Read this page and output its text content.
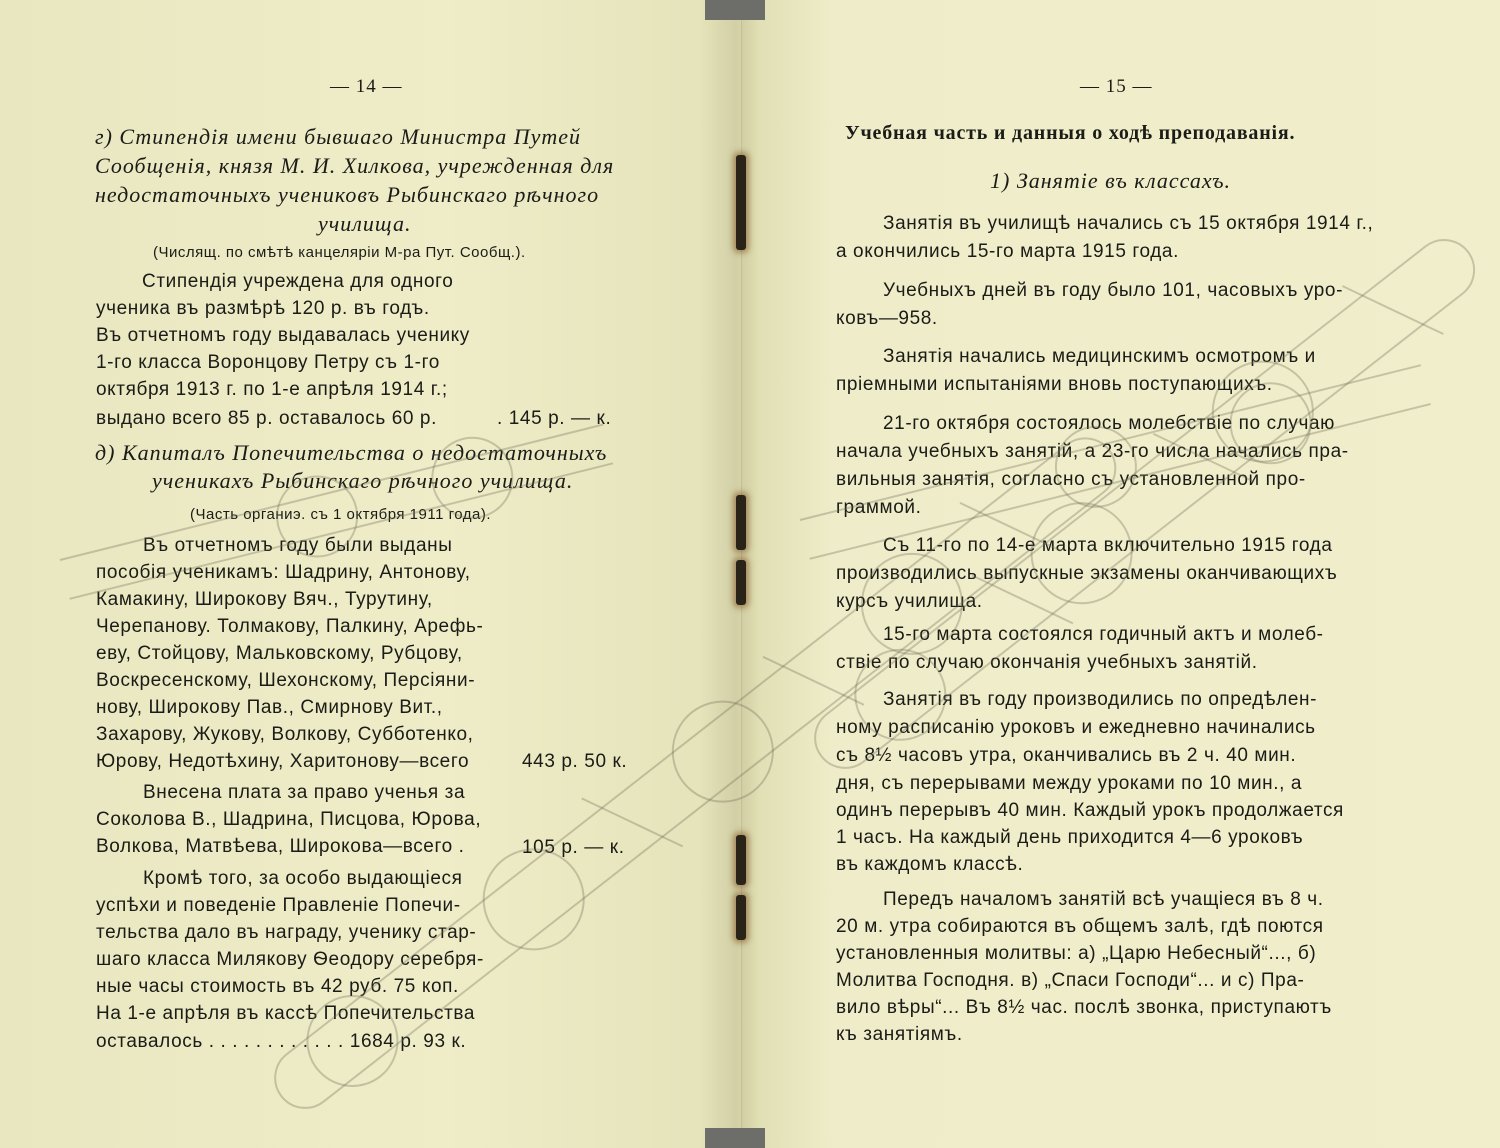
— 14 —
г) Стипендія имени бывшаго Министра Путей
Сообщенія, князя М. И. Хилкова, учрежденная для
недостаточныхъ учениковъ Рыбинскаго рѣчного
училища.
(Числящ. по смѣтѣ канцеляріи М-ра Пут. Сообщ.).
Стипендія учреждена для одного
ученика въ размѣрѣ 120 р. въ годъ.
Въ отчетномъ году выдавалась ученику
1-го класса Воронцову Петру съ 1-го
октября 1913 г. по 1-е апрѣля 1914 г.;
выдано всего 85 р. оставалось 60 р.	. 145 р. — к.
д) Капиталъ Попечительства о недостаточныхъ
ученикахъ Рыбинскаго рѣчного училища.
(Часть органиэ. съ 1 октября 1911 года).
Въ отчетномъ году были выданы
пособія ученикамъ: Шадрину, Антонову,
Камакину, Широкову Вяч., Турутину,
Черепанову. Толмакову, Палкину, Арефь-
еву, Стойцову, Мальковскому, Рубцову,
Воскресенскому, Шехонскому, Персіяни-
нову, Широкову Пав., Смирнову Вит.,
Захарову, Жукову, Волкову, Субботенко,
Юрову, Недотѣхину, Харитонову—всего	443 р. 50 к.
Внесена плата за право ученья за
Соколова В., Шадрина, Писцова, Юрова,
Волкова, Матвѣева, Широкова—всего .	105 р. — к.
Кромѣ того, за особо выдающіеся
успѣхи и поведеніе Правленіе Попечи-
тельства дало въ награду, ученику стар-
шаго класса Милякову Ѳеодору серебря-
ные часы стоимость въ 42 руб. 75 коп.
На 1-е апрѣля въ кассѣ Попечительства
оставалось . . . . . . . . . . . . 1684 р. 93 к.
— 15 —
Учебная часть и данныя о ходѣ преподаванія.
1) Занятіе въ классахъ.
Занятія въ училищѣ начались съ 15 октября 1914 г.,
а окончились 15-го марта 1915 года.
Учебныхъ дней въ году было 101, часовыхъ уро-
ковъ—958.
Занятія начались медицинскимъ осмотромъ и
пріемными испытаніями вновь поступающихъ.
21-го октября состоялось молебствіе по случаю
начала учебныхъ занятій, а 23-го числа начались пра-
вильныя занятія, согласно съ установленной про-
граммой.
Съ 11-го по 14-е марта включительно 1915 года
производились выпускные экзамены оканчивающихъ
курсъ училища.
15-го марта состоялся годичный актъ и молеб-
ствіе по случаю окончанія учебныхъ занятій.
Занятія въ году производились по опредѣлен-
ному расписанію уроковъ и ежедневно начинались
съ 8½ часовъ утра, оканчивались въ 2 ч. 40 мин.
дня, съ перерывами между уроками по 10 мин., а
одинъ перерывъ 40 мин. Каждый урокъ продолжается
1 часъ. На каждый день приходится 4—6 уроковъ
въ каждомъ классѣ.
Передъ началомъ занятій всѣ учащіеся въ 8 ч.
20 м. утра собираются въ общемъ залѣ, гдѣ поются
установленныя молитвы: а) „Царю Небесный“..., б)
Молитва Господня. в) „Спаси Господи“... и с) Пра-
вило вѣры“... Въ 8½ час. послѣ звонка, приступаютъ
къ занятіямъ.
